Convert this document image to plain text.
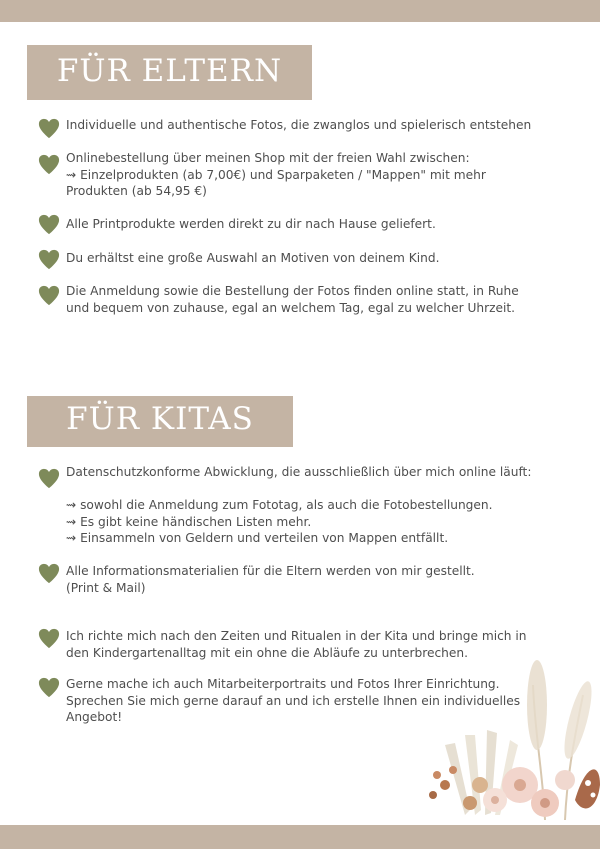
FÜR ELTERN
Individuelle und authentische Fotos, die zwanglos und spielerisch entstehen
Onlinebestellung über meinen Shop mit der freien Wahl zwischen:
⇝ Einzelprodukten (ab 7,00€) und Sparpaketen / "Mappen" mit mehr
Produkten (ab 54,95 €)
Alle Printprodukte werden direkt zu dir nach Hause geliefert.
Du erhältst eine große Auswahl an Motiven von deinem Kind.
Die Anmeldung sowie die Bestellung der Fotos finden online statt, in Ruhe
und bequem von zuhause, egal an welchem Tag, egal zu welcher Uhrzeit.
FÜR KITAS
Datenschutzkonforme Abwicklung, die ausschließlich über mich online läuft:
⇝ sowohl die Anmeldung zum Fototag, als auch die Fotobestellungen.
⇝ Es gibt keine händischen Listen mehr.
⇝ Einsammeln von Geldern und verteilen von Mappen entfällt.
Alle Informationsmaterialien für die Eltern werden von mir gestellt.
(Print & Mail)
Ich richte mich nach den Zeiten und Ritualen in der Kita und bringe mich in
den Kindergartenalltag mit ein ohne die Abläufe zu unterbrechen.
Gerne mache ich auch Mitarbeiterportraits und Fotos Ihrer Einrichtung.
Sprechen Sie mich gerne darauf an und ich erstelle Ihnen ein individuelles
Angebot!
